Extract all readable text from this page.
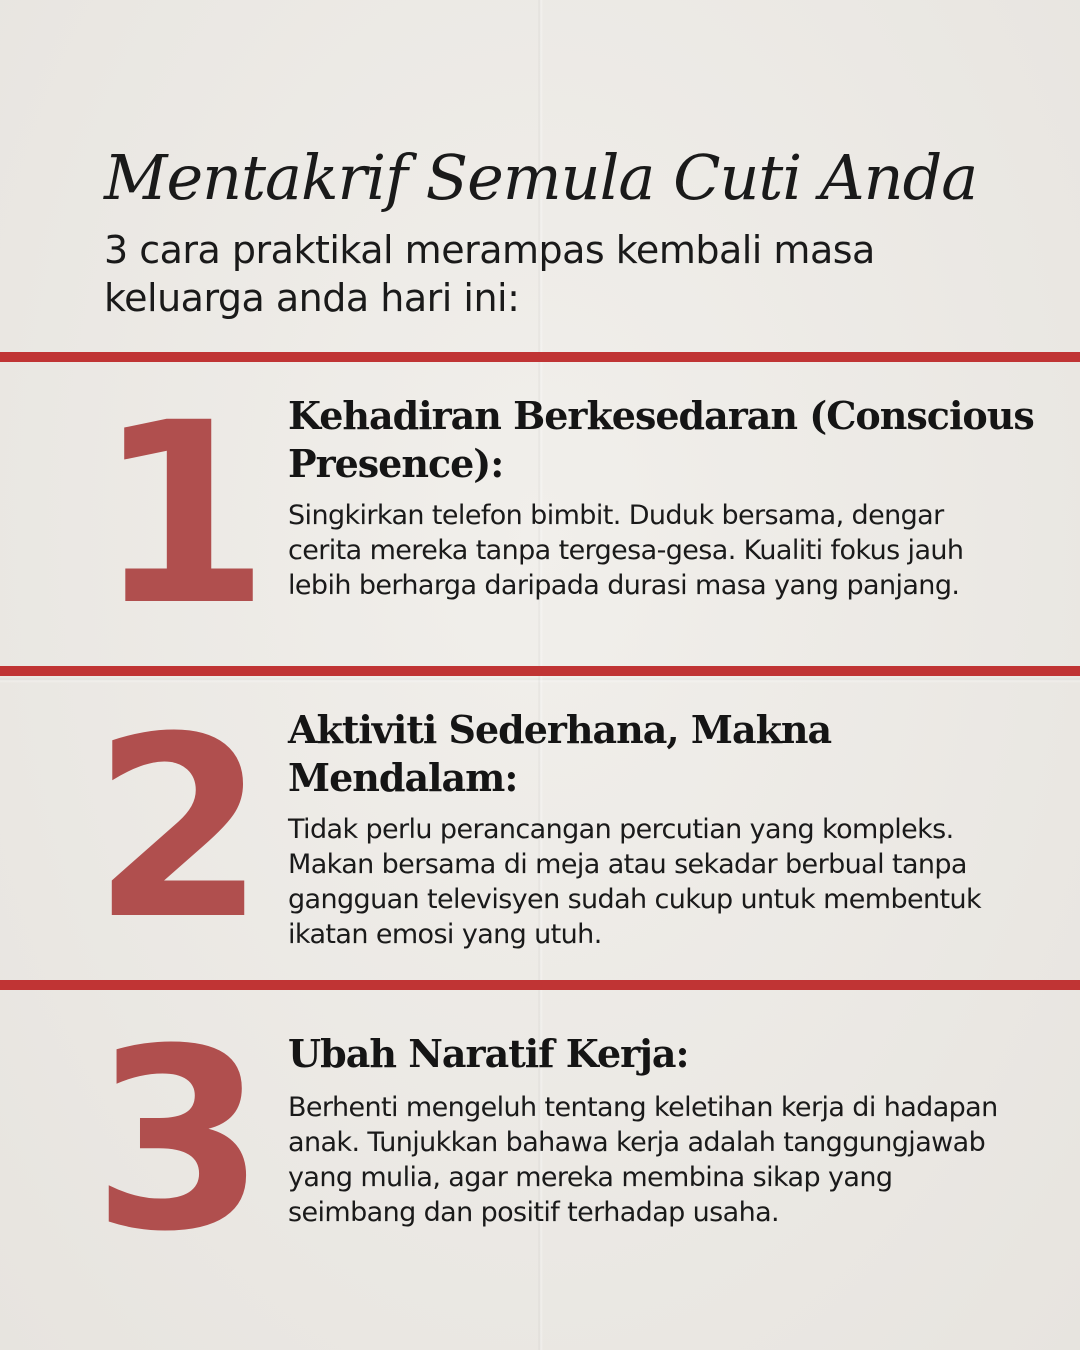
Mentakrif Semula Cuti Anda

3 cara praktikal merampas kembali masa keluarga anda hari ini:

1 Kehadiran Berkesedaran (Conscious Presence):

Singkirkan telefon bimbit. Duduk bersama, dengar cerita mereka tanpa tergesa-gesa. Kualiti fokus jauh lebih berharga daripada durasi masa yang panjang.

2 Aktiviti Sederhana, Makna Mendalam:

Tidak perlu perancangan percutian yang kompleks. Makan bersama di meja atau sekadar berbual tanpa gangguan televisyen sudah cukup untuk membentuk ikatan emosi yang utuh.

3 Ubah Naratif Kerja:

Berhenti mengeluh tentang keletihan kerja di hadapan anak. Tunjukkan bahawa kerja adalah tanggungjawab yang mulia, agar mereka membina sikap yang seimbang dan positif terhadap usaha.
